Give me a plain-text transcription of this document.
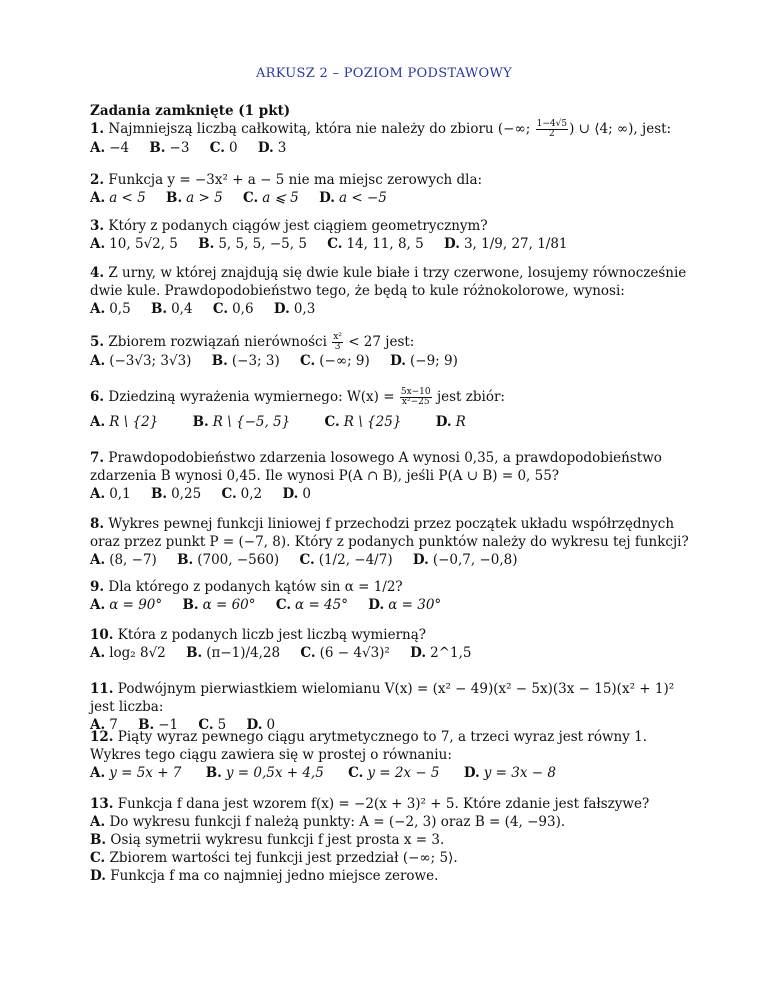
ARKUSZ 2 – POZIOM PODSTAWOWY
Zadania zamknięte (1 pkt)
1. Najmniejszą liczbą całkowitą, która nie należy do zbioru (−∞; $\frac{1-4√5}{2}$ ) ∪ ⟨4; ∞), jest:
A. −4 B. −3 C. 0 D. 3
2. Funkcja y = −3x² + a − 5 nie ma miejsc zerowych dla:
A. a < 5 B. a > 5 C. a ⩽ 5 D. a < −5
3. Który z podanych ciągów jest ciągiem geometrycznym?
A. 10, 5√2, 5 B. 5, 5, 5, −5, 5 C. 14, 11, 8, 5 D. 3, 1/9, 27, 1/81
4. Z urny, w której znajdują się dwie kule białe i trzy czerwone, losujemy równocześnie dwie kule. Prawdopodobieństwo tego, że będą to kule różnokolorowe, wynosi:
A. 0,5 B. 0,4 C. 0,6 D. 0,3
5. Zbiorem rozwiązań nierówności $\frac{\text{x²}}{3} < 27$ jest:
A. (−3√3; 3√3) B. (−3; 3) C. (−∞; 9) D. (−9; 9)
6. Dziedziną wyrażenia wymiernego: $W(x) = \frac{5x-10}{\text{x²−25}}$ jest zbiór:
A. R \ {2}	B. R \ {−5, 5}	C. R \ {25}	D. R
7. Prawdopodobieństwo zdarzenia losowego A wynosi 0,35, a prawdopodobieństwo zdarzenia B wynosi 0,45. Ile wynosi P(A ∩ B), jeśli P(A ∪ B) = 0, 55?
A. 0,1 B. 0,25 C. 0,2 D. 0
8. Wykres pewnej funkcji liniowej f przechodzi przez początek układu współrzędnych oraz przez punkt P = (−7, 8). Który z podanych punktów należy do wykresu tej funkcji?
A. (8, −7) B. (700, −560) C. (1/2, −4/7) D. (−0,7, −0,8)
9. Dla którego z podanych kątów sin α = 1/2?
A. α = 90° B. α = 60° C. α = 45° D. α = 30°
10. Która z podanych liczb jest liczbą wymierną?
A. log₂ 8√2 B. (π−1)/4,28 C. (6 − 4√3)² D. 2^1,5
11. Podwójnym pierwiastkiem wielomianu V(x) = (x² − 49)(x² − 5x)(3x − 15)(x² + 1)² jest liczba:
A. 7 B. −1 C. 5 D. 0
12. Piąty wyraz pewnego ciągu arytmetycznego to 7, a trzeci wyraz jest równy 1. Wykres tego ciągu zawiera się w prostej o równaniu:
A. y = 5x + 7 B. y = 0,5x + 4,5 C. y = 2x − 5 D. y = 3x − 8
13. Funkcja f dana jest wzorem f(x) = −2(x + 3)² + 5. Które zdanie jest fałszywe?
A. Do wykresu funkcji f należą punkty: A = (−2, 3) oraz B = (4, −93).
B. Osią symetrii wykresu funkcji f jest prosta x = 3.
C. Zbiorem wartości tej funkcji jest przedział (−∞; 5⟩.
D. Funkcja f ma co najmniej jedno miejsce zerowe.
